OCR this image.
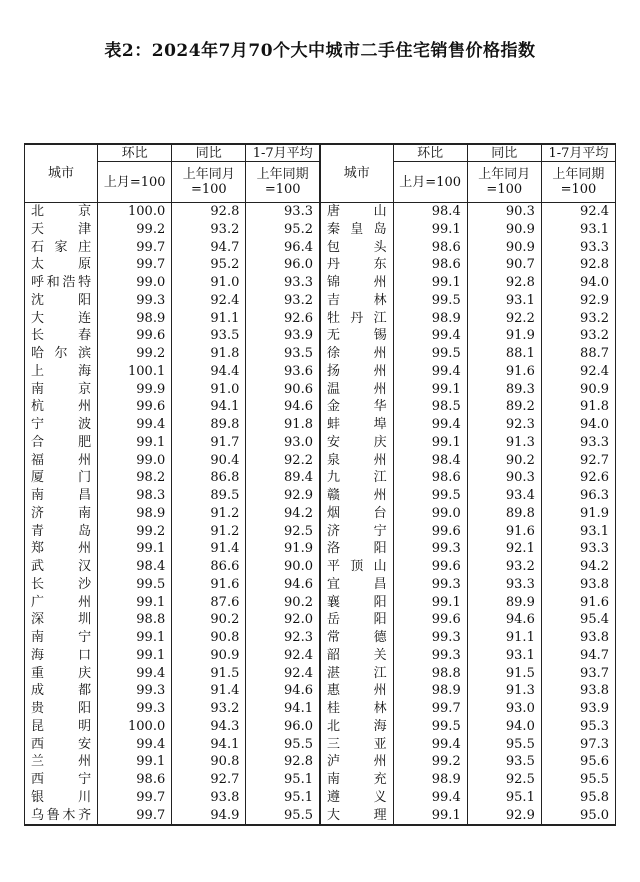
表2：2024年7月70个大中城市二手住宅销售价格指数
城市	环比	同比	1-7月平均	城市	环比	同比	1-7月平均
	上月=100	上年同月=100	上年同期=100		上月=100	上年同月=100	上年同期=100
北　　京	100.0	92.8	93.3	唐　　山	98.4	90.3	92.4
天　　津	99.2	93.2	95.2	秦皇岛	99.1	90.9	93.1
石家庄	99.7	94.7	96.4	包　　头	98.6	90.9	93.3
太　　原	99.7	95.2	96.0	丹　　东	98.6	90.7	92.8
呼和浩特	99.0	91.0	93.3	锦　　州	99.1	92.8	94.0
沈　　阳	99.3	92.4	93.2	吉　　林	99.5	93.1	92.9
大　　连	98.9	91.1	92.6	牡丹江	98.9	92.2	93.2
长　　春	99.6	93.5	93.9	无　　锡	99.4	91.9	93.2
哈尔滨	99.2	91.8	93.5	徐　　州	99.5	88.1	88.7
上　　海	100.1	94.4	93.6	扬　　州	99.4	91.6	92.4
南　　京	99.9	91.0	90.6	温　　州	99.1	89.3	90.9
杭　　州	99.6	94.1	94.6	金　　华	98.5	89.2	91.8
宁　　波	99.4	89.8	91.8	蚌　　埠	99.4	92.3	94.0
合　　肥	99.1	91.7	93.0	安　　庆	99.1	91.3	93.3
福　　州	99.0	90.4	92.2	泉　　州	98.4	90.2	92.7
厦　　门	98.2	86.8	89.4	九　　江	98.6	90.3	92.6
南　　昌	98.3	89.5	92.9	赣　　州	99.5	93.4	96.3
济　　南	98.9	91.2	94.2	烟　　台	99.0	89.8	91.9
青　　岛	99.2	91.2	92.5	济　　宁	99.6	91.6	93.1
郑　　州	99.1	91.4	91.9	洛　　阳	99.3	92.1	93.3
武　　汉	98.4	86.6	90.0	平顶山	99.6	93.2	94.2
长　　沙	99.5	91.6	94.6	宜　　昌	99.3	93.3	93.8
广　　州	99.1	87.6	90.2	襄　　阳	99.1	89.9	91.6
深　　圳	98.8	90.2	92.0	岳　　阳	99.6	94.6	95.4
南　　宁	99.1	90.8	92.3	常　　德	99.3	91.1	93.8
海　　口	99.1	90.9	92.4	韶　　关	99.3	93.1	94.7
重　　庆	99.4	91.5	92.4	湛　　江	98.8	91.5	93.7
成　　都	99.3	91.4	94.6	惠　　州	98.9	91.3	93.8
贵　　阳	99.3	93.2	94.1	桂　　林	99.7	93.0	93.9
昆　　明	100.0	94.3	96.0	北　　海	99.5	94.0	95.3
西　　安	99.4	94.1	95.5	三　　亚	99.4	95.5	97.3
兰　　州	99.1	90.8	92.8	泸　　州	99.2	93.5	95.6
西　　宁	98.6	92.7	95.1	南　　充	98.9	92.5	95.5
银　　川	99.7	93.8	95.1	遵　　义	99.4	95.1	95.8
乌鲁木齐	99.7	94.9	95.5	大　　理	99.1	92.9	95.0
